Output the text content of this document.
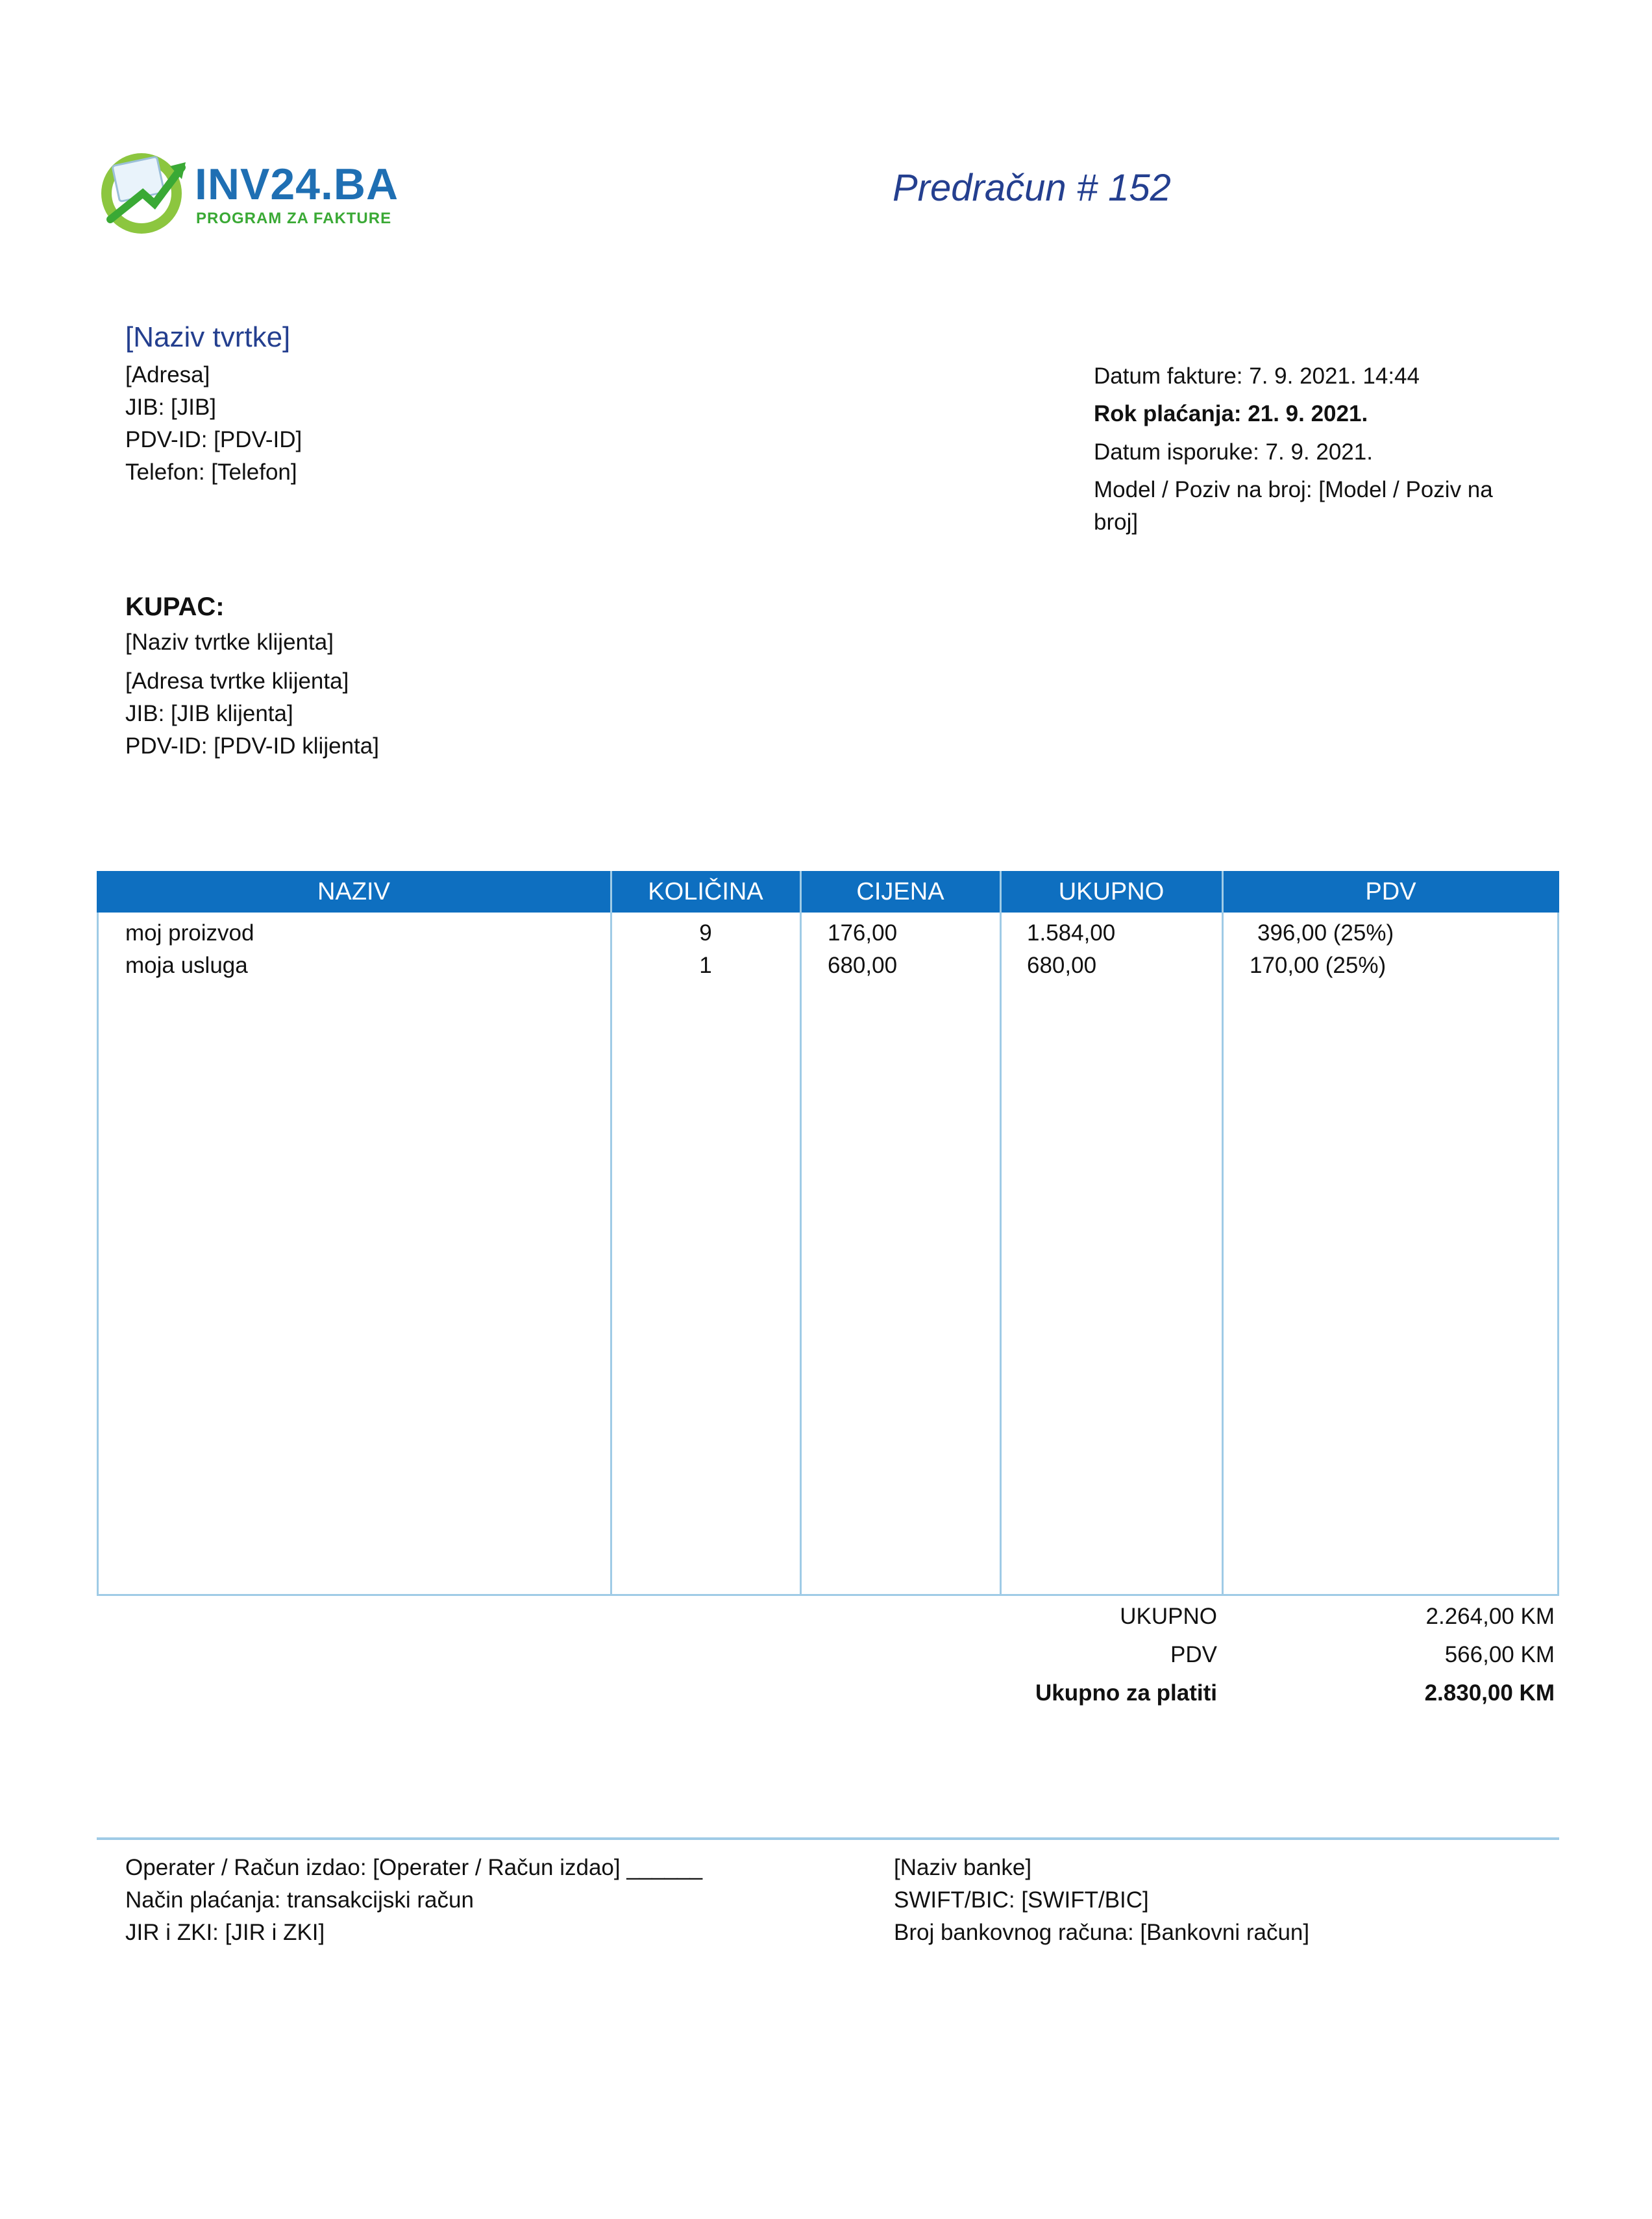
INV24.BA
PROGRAM ZA FAKTURE
Predračun # 152
[Naziv tvrtke]
[Adresa]
JIB: [JIB]
PDV-ID: [PDV-ID]
Telefon: [Telefon]
Datum fakture: 7. 9. 2021. 14:44
Rok plaćanja: 21. 9. 2021.
Datum isporuke: 7. 9. 2021.
Model / Poziv na broj: [Model / Poziv na
broj]
KUPAC:
[Naziv tvrtke klijenta]
[Adresa tvrtke klijenta]
JIB: [JIB klijenta]
PDV-ID: [PDV-ID klijenta]
NAZIV	KOLIČINA	CIJENA	UKUPNO	PDV
moj proizvod	9	176,00	1.584,00	396,00 (25%)
moja usluga	1	680,00	680,00	170,00 (25%)
UKUPNO	2.264,00 KM
PDV	566,00 KM
Ukupno za platiti	2.830,00 KM
Operater / Račun izdao: [Operater / Račun izdao] ______
Način plaćanja: transakcijski račun
JIR i ZKI: [JIR i ZKI]
[Naziv banke]
SWIFT/BIC: [SWIFT/BIC]
Broj bankovnog računa: [Bankovni račun]
